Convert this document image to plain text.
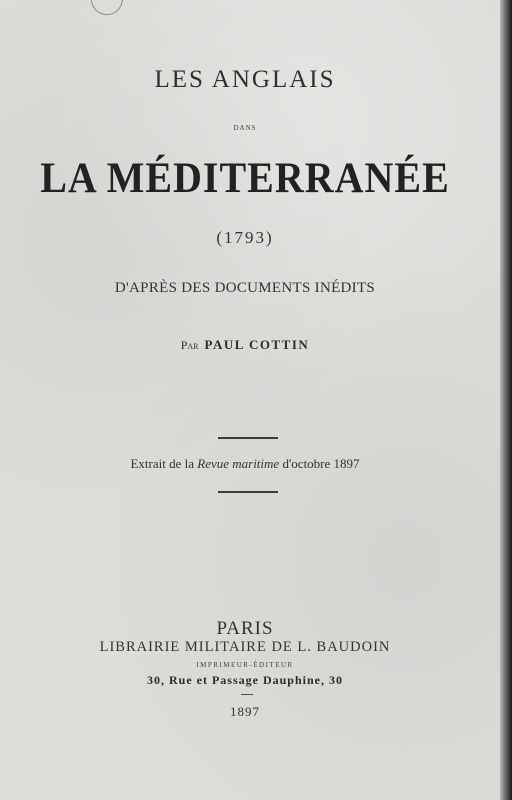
LES ANGLAIS
DANS
LA MÉDITERRANÉE
(1793)
D'APRÈS DES DOCUMENTS INÉDITS
Par PAUL COTTIN
Extrait de la Revue maritime d'octobre 1897
PARIS
LIBRAIRIE MILITAIRE DE L. BAUDOIN
IMPRIMEUR-ÉDITEUR
30, Rue et Passage Dauphine, 30
1897
